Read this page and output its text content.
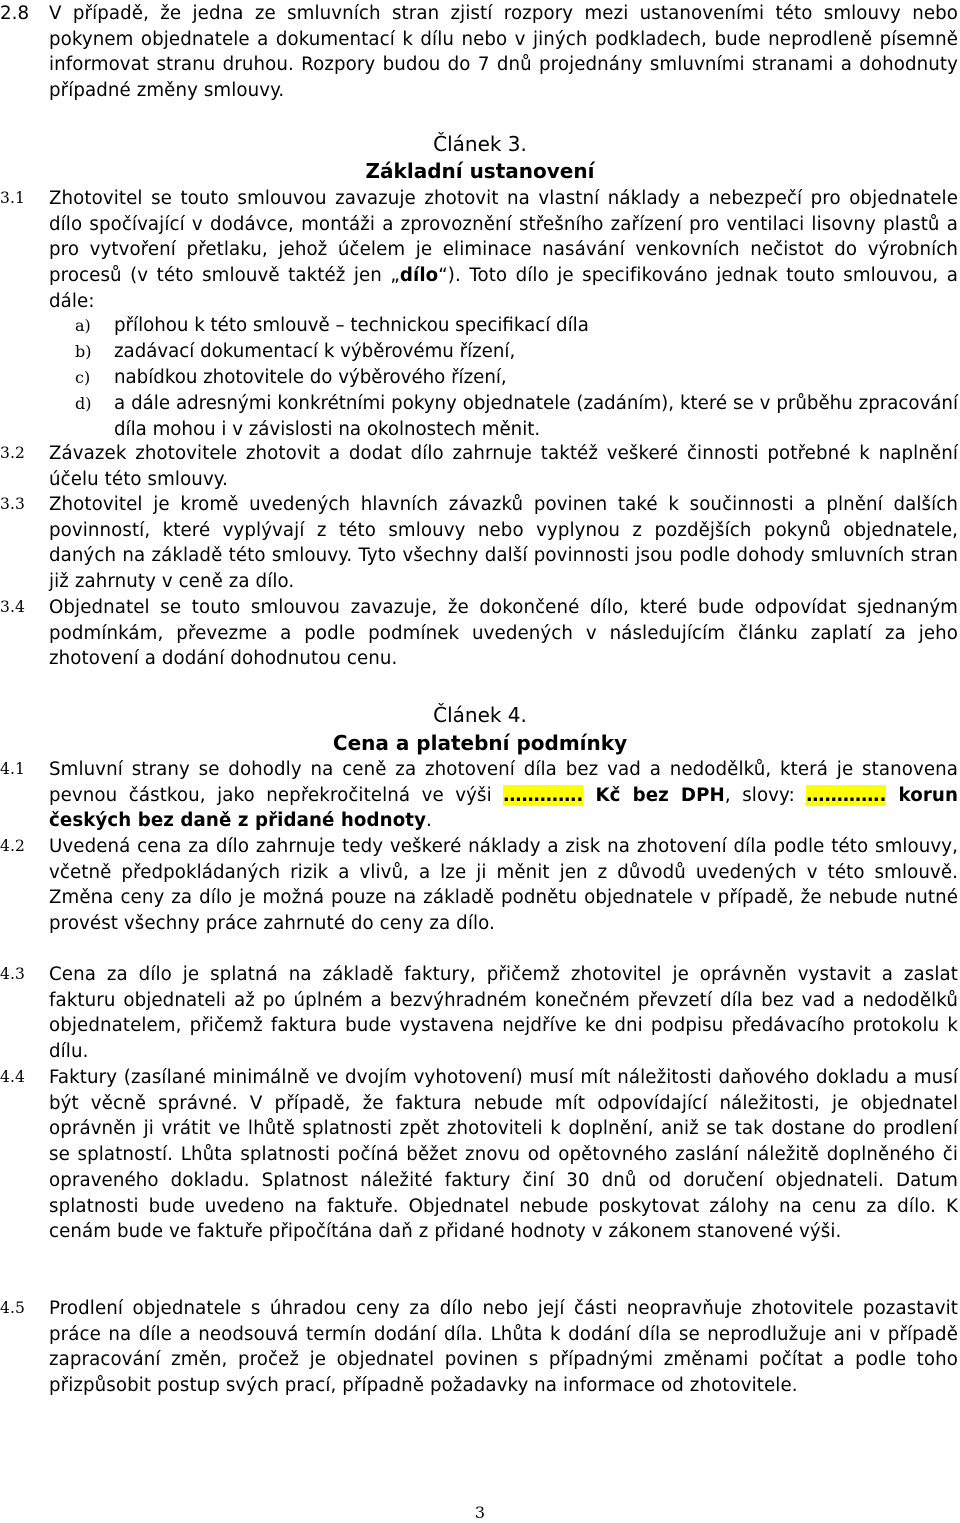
2.8	V případě, že jedna ze smluvních stran zjistí rozpory mezi ustanoveními této smlouvy nebo pokynem objednatele a dokumentací k dílu nebo v jiných podkladech, bude neprodleně písemně informovat stranu druhou. Rozpory budou do 7 dnů projednány smluvními stranami a dohodnuty případné změny smlouvy.
Článek 3.
Základní ustanovení
3.1	Zhotovitel se touto smlouvou zavazuje zhotovit na vlastní náklady a nebezpečí pro objednatele dílo spočívající v dodávce, montáži a zprovoznění střešního zařízení pro ventilaci lisovny plastů a pro vytvoření přetlaku, jehož účelem je eliminace nasávání venkovních nečistot do výrobních procesů (v této smlouvě taktéž jen „dílo“). Toto dílo je specifikováno jednak touto smlouvou, a dále:
a) přílohou k této smlouvě – technickou specifikací díla
b) zadávací dokumentací k výběrovému řízení,
c) nabídkou zhotovitele do výběrového řízení,
d) a dále adresnými konkrétními pokyny objednatele (zadáním), které se v průběhu zpracování díla mohou i v závislosti na okolnostech měnit.
3.2	Závazek zhotovitele zhotovit a dodat dílo zahrnuje taktéž veškeré činnosti potřebné k naplnění účelu této smlouvy.
3.3	Zhotovitel je kromě uvedených hlavních závazků povinen také k součinnosti a plnění dalších povinností, které vyplývají z této smlouvy nebo vyplynou z pozdějších pokynů objednatele, daných na základě této smlouvy. Tyto všechny další povinnosti jsou podle dohody smluvních stran již zahrnuty v ceně za dílo.
3.4	Objednatel se touto smlouvou zavazuje, že dokončené dílo, které bude odpovídat sjednaným podmínkám, převezme a podle podmínek uvedených v následujícím článku zaplatí za jeho zhotovení a dodání dohodnutou cenu.
Článek 4.
Cena a platební podmínky
4.1	Smluvní strany se dohodly na ceně za zhotovení díla bez vad a nedodělků, která je stanovena pevnou částkou, jako nepřekročitelná ve výši …………. Kč bez DPH, slovy: …………. korun českých bez daně z přidané hodnoty.
4.2	Uvedená cena za dílo zahrnuje tedy veškeré náklady a zisk na zhotovení díla podle této smlouvy, včetně předpokládaných rizik a vlivů, a lze ji měnit jen z důvodů uvedených v této smlouvě. Změna ceny za dílo je možná pouze na základě podnětu objednatele v případě, že nebude nutné provést všechny práce zahrnuté do ceny za dílo.
4.3	Cena za dílo je splatná na základě faktury, přičemž zhotovitel je oprávněn vystavit a zaslat fakturu objednateli až po úplném a bezvýhradném konečném převzetí díla bez vad a nedodělků objednatelem, přičemž faktura bude vystavena nejdříve ke dni podpisu předávacího protokolu k dílu.
4.4	Faktury (zasílané minimálně ve dvojím vyhotovení) musí mít náležitosti daňového dokladu a musí být věcně správné. V případě, že faktura nebude mít odpovídající náležitosti, je objednatel oprávněn ji vrátit ve lhůtě splatnosti zpět zhotoviteli k doplnění, aniž se tak dostane do prodlení se splatností. Lhůta splatnosti počíná běžet znovu od opětovného zaslání náležitě doplněného či opraveného dokladu. Splatnost náležité faktury činí 30 dnů od doručení objednateli. Datum splatnosti bude uvedeno na faktuře. Objednatel nebude poskytovat zálohy na cenu za dílo. K cenám bude ve faktuře připočítána daň z přidané hodnoty v zákonem stanovené výši.
4.5	Prodlení objednatele s úhradou ceny za dílo nebo její části neopravňuje zhotovitele pozastavit práce na díle a neodsouvá termín dodání díla. Lhůta k dodání díla se neprodlužuje ani v případě zapracování změn, pročež je objednatel povinen s případnými změnami počítat a podle toho přizpůsobit postup svých prací, případně požadavky na informace od zhotovitele.
3
